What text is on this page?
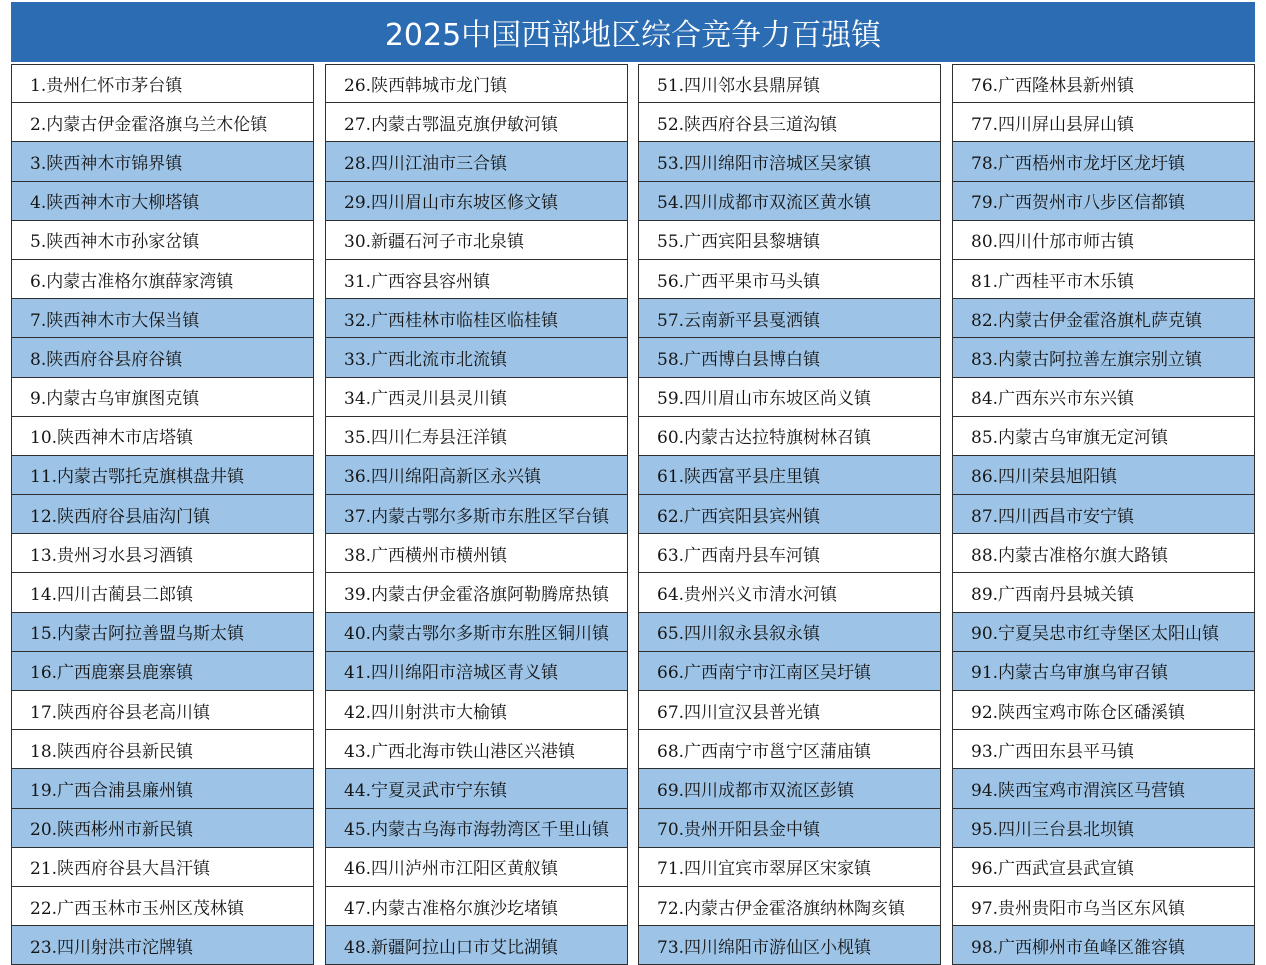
2025中国西部地区综合竞争力百强镇
1.贵州仁怀市茅台镇
2.内蒙古伊金霍洛旗乌兰木伦镇
3.陕西神木市锦界镇
4.陕西神木市大柳塔镇
5.陕西神木市孙家岔镇
6.内蒙古准格尔旗薛家湾镇
7.陕西神木市大保当镇
8.陕西府谷县府谷镇
9.内蒙古乌审旗图克镇
10.陕西神木市店塔镇
11.内蒙古鄂托克旗棋盘井镇
12.陕西府谷县庙沟门镇
13.贵州习水县习酒镇
14.四川古蔺县二郎镇
15.内蒙古阿拉善盟乌斯太镇
16.广西鹿寨县鹿寨镇
17.陕西府谷县老高川镇
18.陕西府谷县新民镇
19.广西合浦县廉州镇
20.陕西彬州市新民镇
21.陕西府谷县大昌汗镇
22.广西玉林市玉州区茂林镇
23.四川射洪市沱牌镇
26.陕西韩城市龙门镇
27.内蒙古鄂温克旗伊敏河镇
28.四川江油市三合镇
29.四川眉山市东坡区修文镇
30.新疆石河子市北泉镇
31.广西容县容州镇
32.广西桂林市临桂区临桂镇
33.广西北流市北流镇
34.广西灵川县灵川镇
35.四川仁寿县汪洋镇
36.四川绵阳高新区永兴镇
37.内蒙古鄂尔多斯市东胜区罕台镇
38.广西横州市横州镇
39.内蒙古伊金霍洛旗阿勒腾席热镇
40.内蒙古鄂尔多斯市东胜区铜川镇
41.四川绵阳市涪城区青义镇
42.四川射洪市大榆镇
43.广西北海市铁山港区兴港镇
44.宁夏灵武市宁东镇
45.内蒙古乌海市海勃湾区千里山镇
46.四川泸州市江阳区黄舣镇
47.内蒙古准格尔旗沙圪堵镇
48.新疆阿拉山口市艾比湖镇
51.四川邻水县鼎屏镇
52.陕西府谷县三道沟镇
53.四川绵阳市涪城区吴家镇
54.四川成都市双流区黄水镇
55.广西宾阳县黎塘镇
56.广西平果市马头镇
57.云南新平县戛洒镇
58.广西博白县博白镇
59.四川眉山市东坡区尚义镇
60.内蒙古达拉特旗树林召镇
61.陕西富平县庄里镇
62.广西宾阳县宾州镇
63.广西南丹县车河镇
64.贵州兴义市清水河镇
65.四川叙永县叙永镇
66.广西南宁市江南区吴圩镇
67.四川宣汉县普光镇
68.广西南宁市邕宁区蒲庙镇
69.四川成都市双流区彭镇
70.贵州开阳县金中镇
71.四川宜宾市翠屏区宋家镇
72.内蒙古伊金霍洛旗纳林陶亥镇
73.四川绵阳市游仙区小枧镇
76.广西隆林县新州镇
77.四川屏山县屏山镇
78.广西梧州市龙圩区龙圩镇
79.广西贺州市八步区信都镇
80.四川什邡市师古镇
81.广西桂平市木乐镇
82.内蒙古伊金霍洛旗札萨克镇
83.内蒙古阿拉善左旗宗别立镇
84.广西东兴市东兴镇
85.内蒙古乌审旗无定河镇
86.四川荣县旭阳镇
87.四川西昌市安宁镇
88.内蒙古准格尔旗大路镇
89.广西南丹县城关镇
90.宁夏吴忠市红寺堡区太阳山镇
91.内蒙古乌审旗乌审召镇
92.陕西宝鸡市陈仓区磻溪镇
93.广西田东县平马镇
94.陕西宝鸡市渭滨区马营镇
95.四川三台县北坝镇
96.广西武宣县武宣镇
97.贵州贵阳市乌当区东风镇
98.广西柳州市鱼峰区雒容镇
